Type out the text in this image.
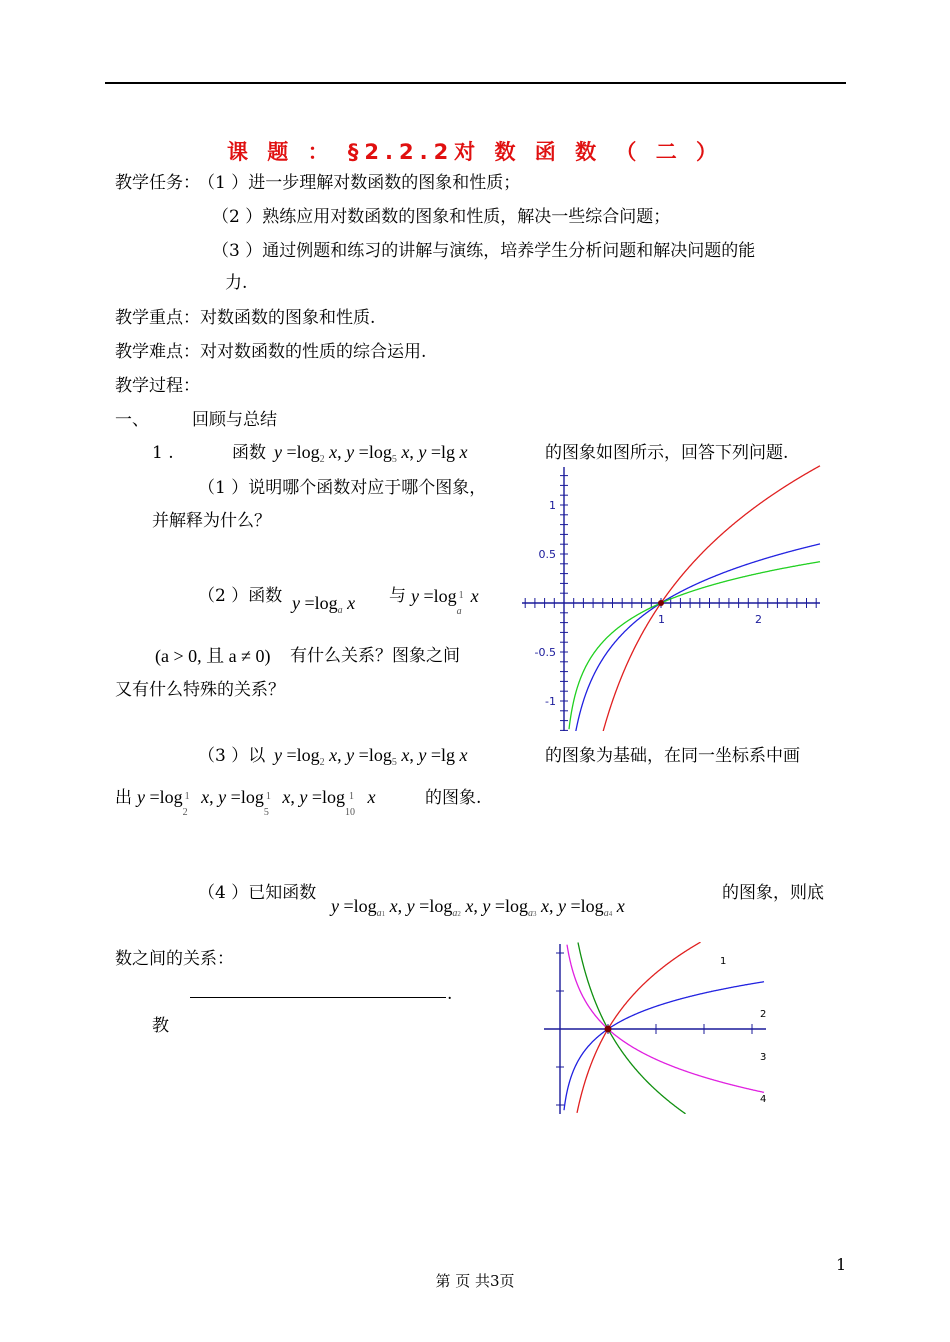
课 题 ： §2.2.2对 数 函 数 （ 二 ）
教学任务：
（1 ）进一步理解对数函数的图象和性质；
（2 ）熟练应用对数函数的图象和性质，解决一些综合问题；
（3 ）通过例题和练习的讲解与演练，培养学生分析问题和解决问题的能
力.
教学重点：对数函数的图象和性质.
教学难点：对对数函数的性质的综合运用.
教学过程：
一、	回顾与总结
1 .	函数 $y =\log_2$ x, $y =\log_5$ x, y =lg x	的图象如图所示，回答下列问题.
（1 ）说明哪个函数对应于哪个图象，
并解释为什么？
（2 ）函数 $y =\log_a$ x 与 y =log 1
a
x
(a > 0, 且 a ≠ 0) 有什么关系？图象之间
又有什么特殊的关系？
（3 ）以 $y =\log_2$ x, $y =\log_5$ x, y =lg x	的图象为基础，在同一坐标系中画
出 y =log 1
2
x, y =log 1
5
x, y =log 1
10
x	的图象.
（4 ）已知函数
$y =\log_{a1}$ x, $y =\log_{a2}$ x, $y =\log_{a3}$ x, $y =\log_{a4}$ x
的图象，则底
数之间的关系：
.
教
1	2
1
0.5
-0.5
-1
1
2
3
4
1
第 页 共3页
